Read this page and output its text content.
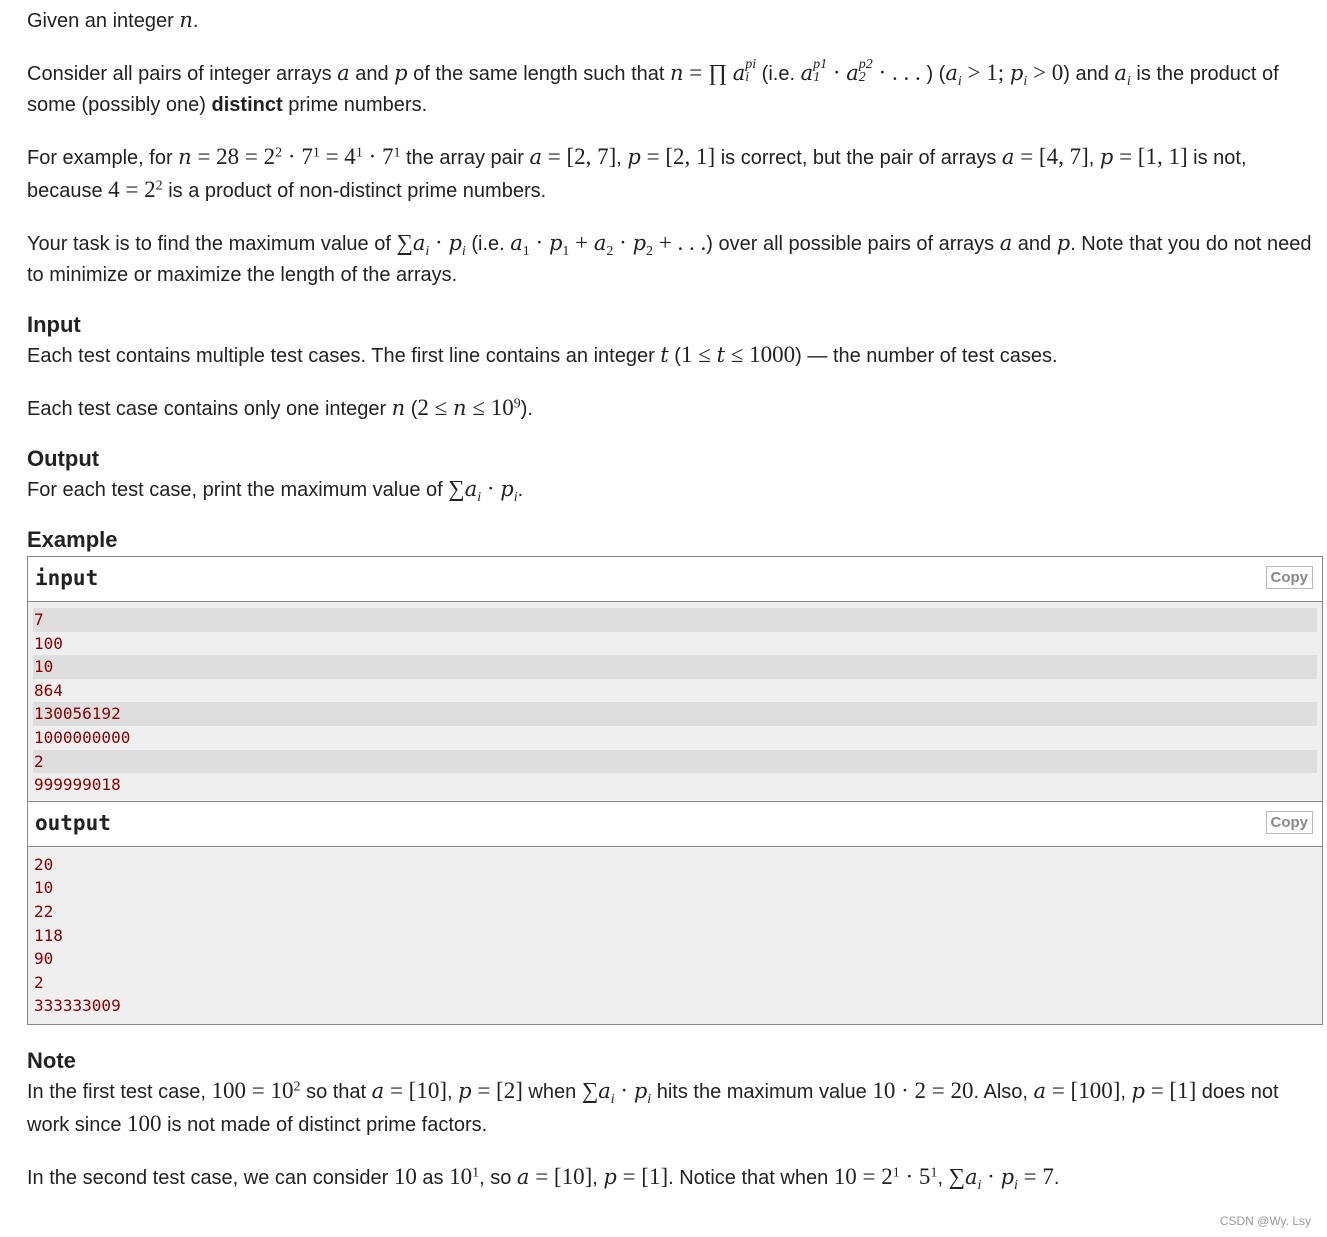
Given an integer n.

Consider all pairs of integer arrays a and p of the same length such that n = ∏ a pi
i (i.e. a p1
1 · a p2
2 · . . . ) ($a_i > 1$; $p_i > 0$) and $a_i$ is the product of some (possibly one) distinct prime numbers.

For example, for $n = 28 = 2^2 \cdot 7^1 = 4^1 \cdot 7^1$ the array pair a = [2, 7], p = [2, 1] is correct, but the pair of arrays a = [4, 7], p = [1, 1] is not, because $4 = 2^2$ is a product of non-distinct prime numbers.

Your task is to find the maximum value of $\sum a_i \cdot p_i$ (i.e. $a_1 \cdot p_1 + a_2 \cdot p_2$ + . . .) over all possible pairs of arrays a and p. Note that you do not need to minimize or maximize the length of the arrays.

Input

Each test contains multiple test cases. The first line contains an integer t (1 ≤ t ≤ 1000) — the number of test cases.

Each test case contains only one integer n $(2 \le n \le 10^9)$.

Output

For each test case, print the maximum value of $\sum a_i \cdot p_i$.

Example
input	Copy
7
100
10
864
130056192
1000000000
2
999999018
output	Copy
20
10
22
118
90
2
333333009
Note

In the first test case, $100 = 10^2$ so that a = [10], p = [2] when $\sum a_i \cdot p_i$ hits the maximum value 10 · 2 = 20. Also, a = [100], p = [1] does not work since 100 is not made of distinct prime factors.

In the second test case, we can consider 10 as $10^1$, so a = [10], p = [1]. Notice that when $10 = 2^1 \cdot 5^1$, $\sum a_i \cdot p_i = 7$.

CSDN @Wy. Lsy
